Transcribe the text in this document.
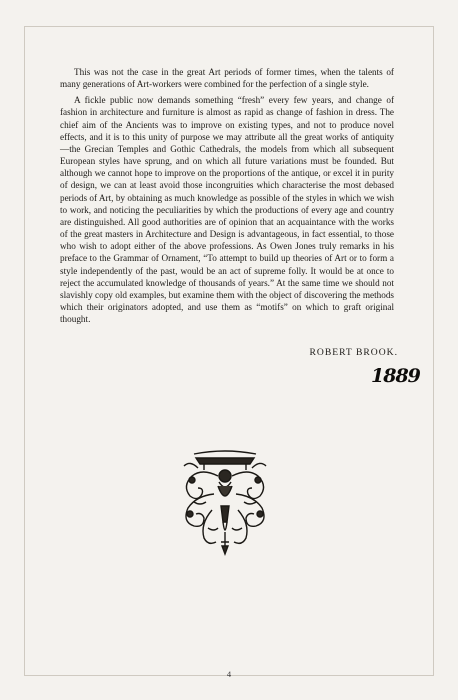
This was not the case in the great Art periods of former times, when the talents of many generations of Art-workers were combined for the perfection of a single style.

A fickle public now demands something “fresh” every few years, and change of fashion in architecture and furniture is almost as rapid as change of fashion in dress. The chief aim of the Ancients was to improve on existing types, and not to produce novel effects, and it is to this unity of purpose we may attribute all the great works of antiquity—the Grecian Temples and Gothic Cathedrals, the models from which all subsequent European styles have sprung, and on which all future variations must be founded. But although we cannot hope to improve on the proportions of the antique, or excel it in purity of design, we can at least avoid those incongruities which characterise the most debased periods of Art, by obtaining as much knowledge as possible of the styles in which we wish to work, and noticing the peculiarities by which the productions of every age and country are distinguished. All good authorities are of opinion that an acquaintance with the works of the great masters in Architecture and Design is advantageous, in fact essential, to those who wish to adopt either of the above professions. As Owen Jones truly remarks in his preface to the Grammar of Ornament, “To attempt to build up theories of Art or to form a style independently of the past, would be an act of supreme folly. It would be at once to reject the accumulated knowledge of thousands of years.” At the same time we should not slavishly copy old examples, but examine them with the object of discovering the methods which their originators adopted, and use them as “motifs” on which to graft original thought.

ROBERT BROOK.
1889
4
